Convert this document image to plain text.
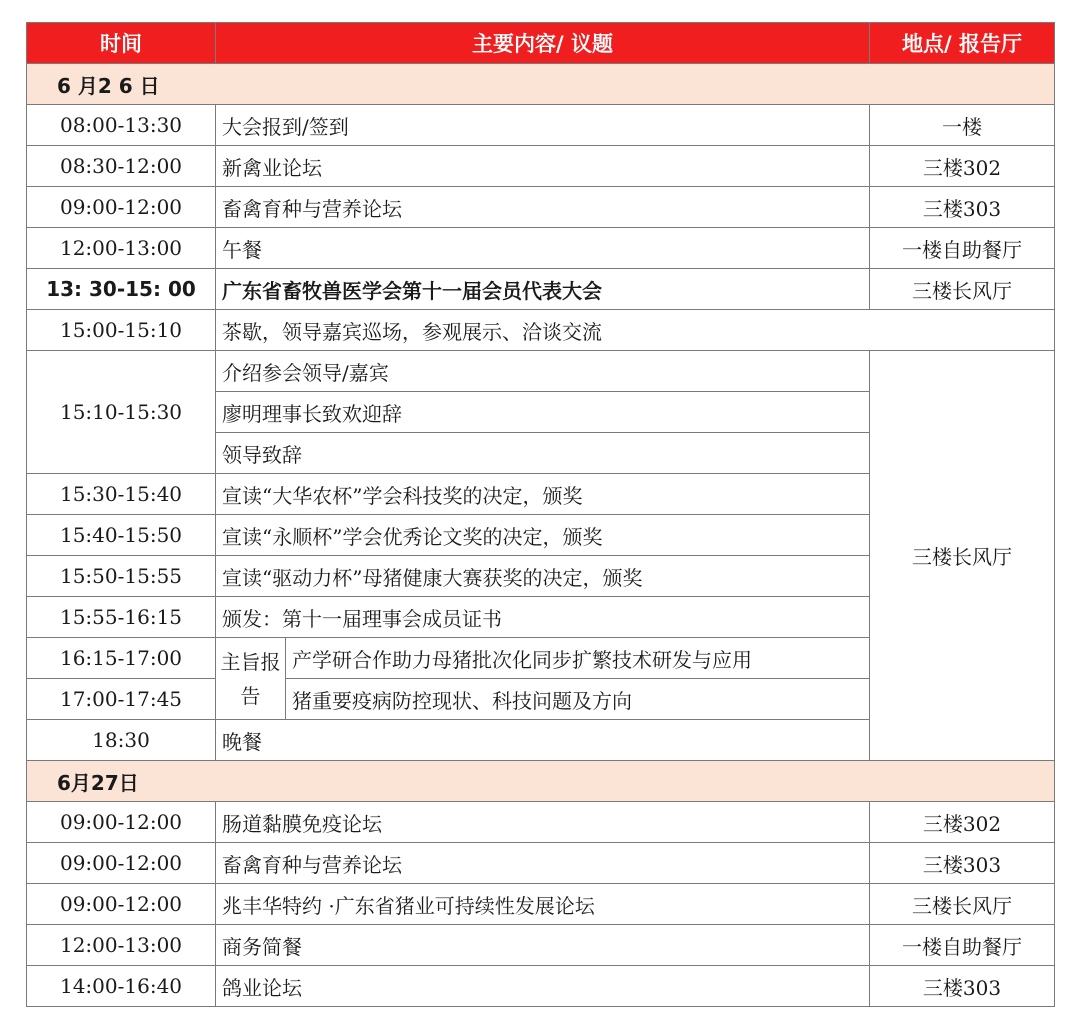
时间	主要内容/ 议题		地点/ 报告厅
6 月2 6 日			
08:00-13:30	大会报到/签到		一楼
08:30-12:00	新禽业论坛		三楼302
09:00-12:00	畜禽育种与营养论坛		三楼303
12:00-13:00	午餐		一楼自助餐厅
13: 30-15: 00	广东省畜牧兽医学会第十一届会员代表大会		三楼长风厅
15:00-15:10	茶歇，领导嘉宾巡场，参观展示、洽谈交流		
15:10-15:30	介绍参会领导/嘉宾		三楼长风厅
	廖明理事长致欢迎辞		
	领导致辞		
15:30-15:40	宣读“大华农杯”学会科技奖的决定，颁奖		
15:40-15:50	宣读“永顺杯”学会优秀论文奖的决定，颁奖		
15:50-15:55	宣读“驱动力杯”母猪健康大赛获奖的决定，颁奖		
15:55-16:15	颁发：第十一届理事会成员证书		
16:15-17:00	主旨报告	产学研合作助力母猪批次化同步扩繁技术研发与应用	
17:00-17:45		猪重要疫病防控现状、科技问题及方向	
18:30	晚餐		
6月27日			
09:00-12:00	肠道黏膜免疫论坛		三楼302
09:00-12:00	畜禽育种与营养论坛		三楼303
09:00-12:00	兆丰华特约 ·广东省猪业可持续性发展论坛		三楼长风厅
12:00-13:00	商务简餐		一楼自助餐厅
14:00-16:40	鸽业论坛		三楼303
